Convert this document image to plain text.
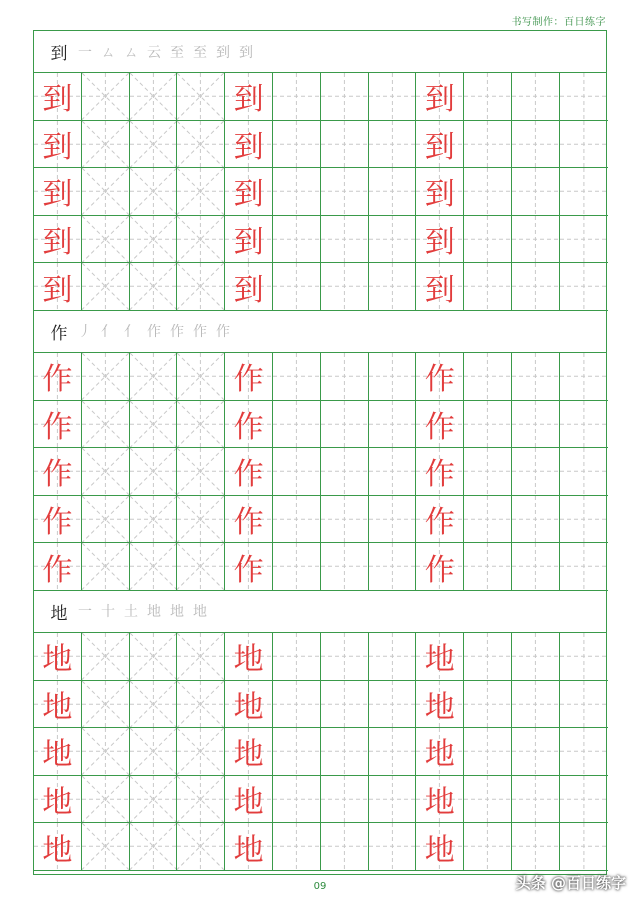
书写制作：百日练字
到 一 ㄙ ㄙ 云 至 至 到 到
到	到	到
到	到	到
到	到	到
到	到	到
到	到	到
作 丿 亻 亻 作 作 作 作
作	作	作
作	作	作
作	作	作
作	作	作
作	作	作
地 一 十 土 地 地 地
地	地	地
地	地	地
地	地	地
地	地	地
地	地	地
09	头条 @百日练字
